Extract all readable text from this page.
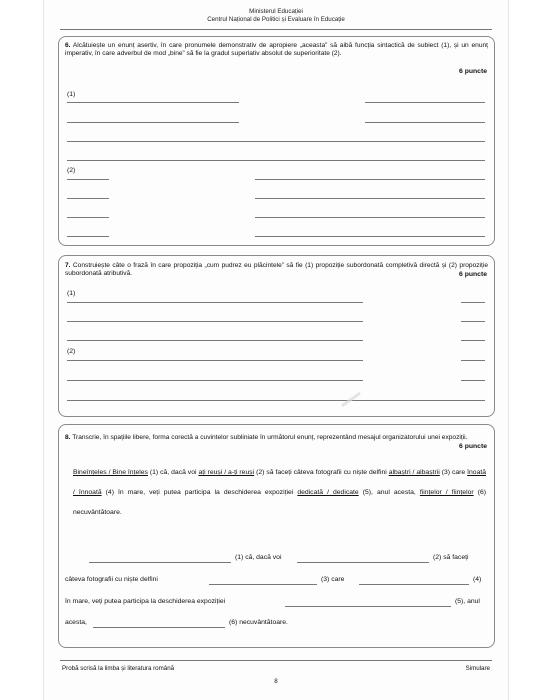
Ministerul Educației
Centrul Național de Politici și Evaluare în Educație
6. Alcătuiește un enunț asertiv, în care pronumele demonstrativ de apropiere „aceasta” să aibă funcția sintactică de subiect (1), și un enunț imperativ, în care adverbul de mod „bine” să fie la gradul superlativ absolut de superioritate (2).
6 puncte
(1)
(2)
7. Construiește câte o frază în care propoziția „cum pudrez eu plăcintele” să fie (1) propoziție subordonată completivă directă și (2) propoziție subordonată atributivă.	6 puncte
(1)
(2)
8. Transcrie, în spațiile libere, forma corectă a cuvintelor subliniate în următorul enunț, reprezentând mesajul organizatorului unei expoziții.
6 puncte
Bineînțeles / Bine înțeles (1) că, dacă voi ați reuși / a-ți reuși (2) să faceți câteva fotografii cu niște delfini albaștri / albaștrii (3) care înoată / înnoată (4) în mare, veți putea participa la deschiderea expoziției dedicată / dedicate (5), anul acesta, ființelor / ființelor (6) necuvântătoare.
(1) că, dacă voi	(2) să faceți
câteva fotografii cu niște delfini	(3) care	(4)
în mare, veți putea participa la deschiderea expoziției	(5), anul
acesta,	(6) necuvântătoare.
Probă scrisă la limba și literatura română	Simulare
8
